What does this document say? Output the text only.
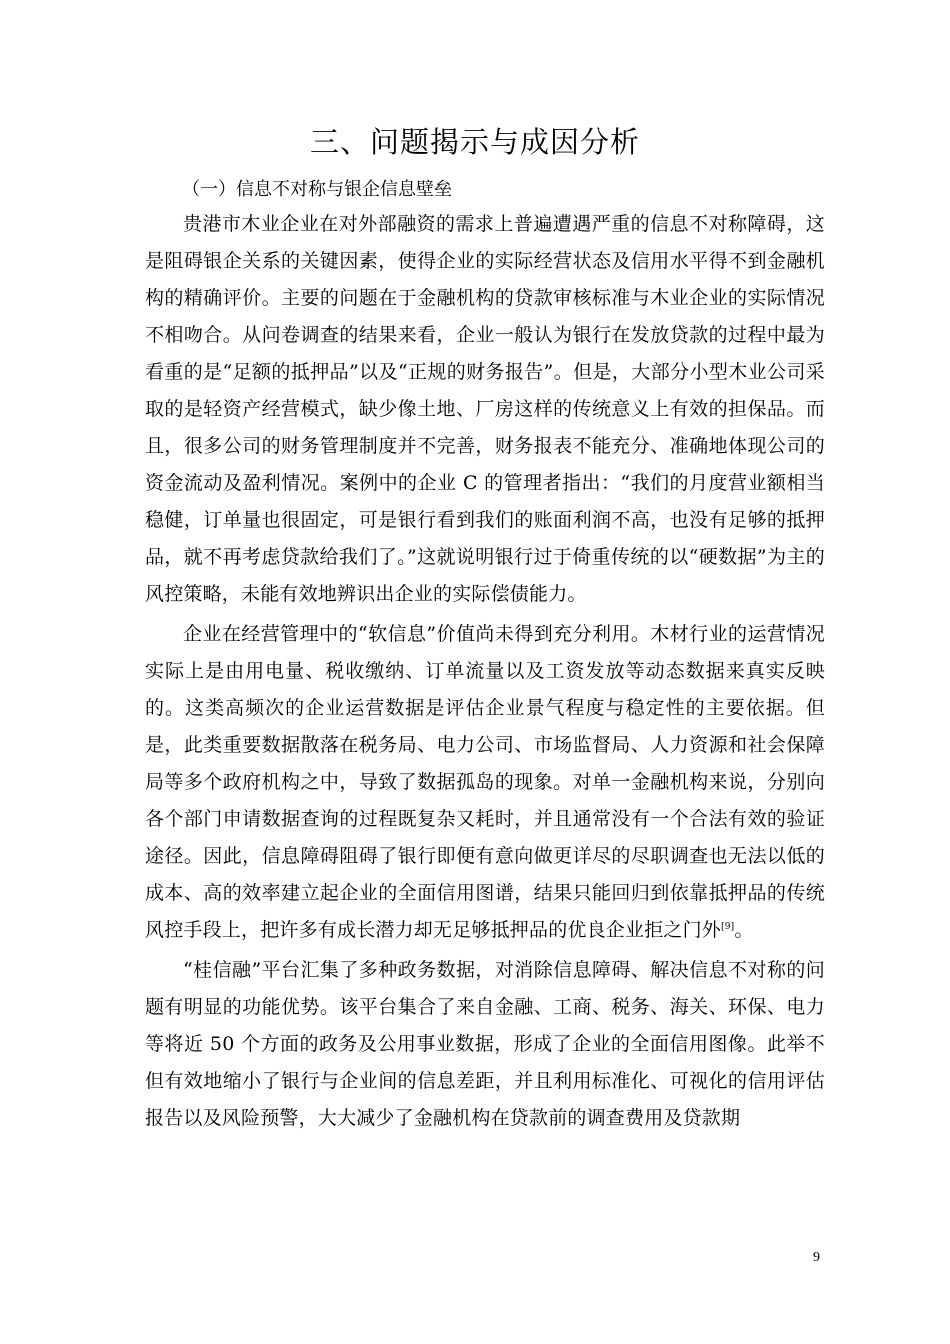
三、问题揭示与成因分析
（一）信息不对称与银企信息壁垒

贵港市木业企业在对外部融资的需求上普遍遭遇严重的信息不对称障碍，这是阻碍银企关系的关键因素，使得企业的实际经营状态及信用水平得不到金融机构的精确评价。主要的问题在于金融机构的贷款审核标准与木业企业的实际情况不相吻合。从问卷调查的结果来看，企业一般认为银行在发放贷款的过程中最为看重的是“足额的抵押品”以及“正规的财务报告”。但是，大部分小型木业公司采取的是轻资产经营模式，缺少像土地、厂房这样的传统意义上有效的担保品。而且，很多公司的财务管理制度并不完善，财务报表不能充分、准确地体现公司的资金流动及盈利情况。案例中的企业 C 的管理者指出：“我们的月度营业额相当稳健，订单量也很固定，可是银行看到我们的账面利润不高，也没有足够的抵押品，就不再考虑贷款给我们了。”这就说明银行过于倚重传统的以“硬数据”为主的风控策略，未能有效地辨识出企业的实际偿债能力。

企业在经营管理中的“软信息”价值尚未得到充分利用。木材行业的运营情况实际上是由用电量、税收缴纳、订单流量以及工资发放等动态数据来真实反映的。这类高频次的企业运营数据是评估企业景气程度与稳定性的主要依据。但是，此类重要数据散落在税务局、电力公司、市场监督局、人力资源和社会保障局等多个政府机构之中，导致了数据孤岛的现象。对单一金融机构来说，分别向各个部门申请数据查询的过程既复杂又耗时，并且通常没有一个合法有效的验证途径。因此，信息障碍阻碍了银行即便有意向做更详尽的尽职调查也无法以低的成本、高的效率建立起企业的全面信用图谱，结果只能回归到依靠抵押品的传统风控手段上，把许多有成长潜力却无足够抵押品的优良企业拒之门外[9]。

“桂信融”平台汇集了多种政务数据，对消除信息障碍、解决信息不对称的问题有明显的功能优势。该平台集合了来自金融、工商、税务、海关、环保、电力等将近 50 个方面的政务及公用事业数据，形成了企业的全面信用图像。此举不但有效地缩小了银行与企业间的信息差距，并且利用标准化、可视化的信用评估报告以及风险预警，大大减少了金融机构在贷款前的调查费用及贷款期

9
